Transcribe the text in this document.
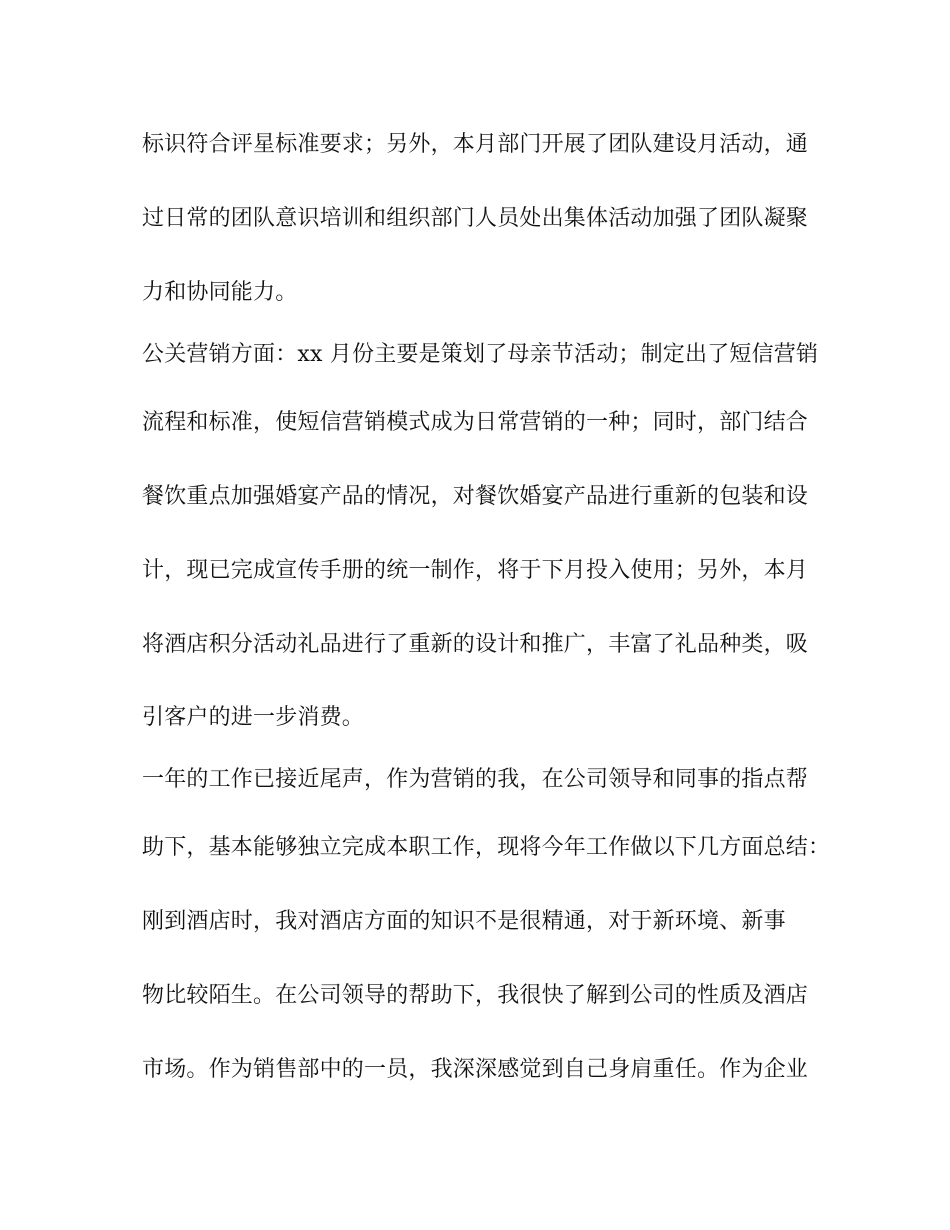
标识符合评星标准要求；另外，本月部门开展了团队建设月活动，通
过日常的团队意识培训和组织部门人员处出集体活动加强了团队凝聚
力和协同能力。
公关营销方面：xx 月份主要是策划了母亲节活动；制定出了短信营销
流程和标准，使短信营销模式成为日常营销的一种；同时，部门结合
餐饮重点加强婚宴产品的情况，对餐饮婚宴产品进行重新的包装和设
计，现已完成宣传手册的统一制作，将于下月投入使用；另外，本月
将酒店积分活动礼品进行了重新的设计和推广，丰富了礼品种类，吸
引客户的进一步消费。
一年的工作已接近尾声，作为营销的我，在公司领导和同事的指点帮
助下，基本能够独立完成本职工作，现将今年工作做以下几方面总结：
刚到酒店时，我对酒店方面的知识不是很精通，对于新环境、新事
物比较陌生。在公司领导的帮助下，我很快了解到公司的性质及酒店
市场。作为销售部中的一员，我深深感觉到自己身肩重任。作为企业
